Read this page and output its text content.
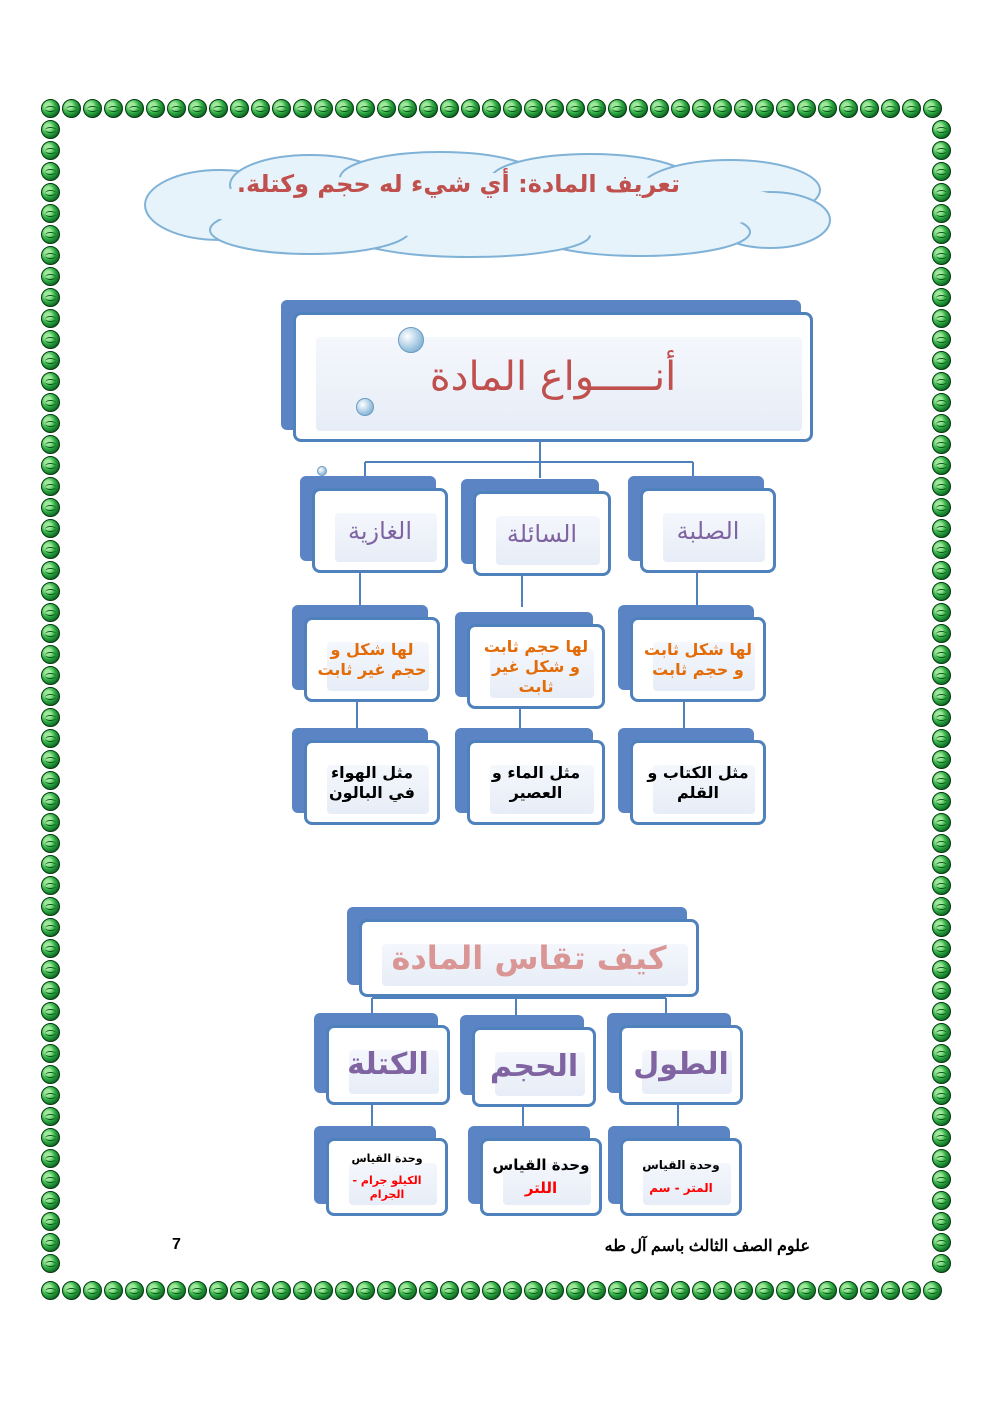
تعريف المادة: أي شيء له حجم وكتلة.
أنـــــواع المادة
الصلبة
السائلة
الغازية
لها شكل ثابت و حجم ثابت
لها حجم ثابت و شكل غير ثابت
لها شكل و حجم غير ثابت
مثل الكتاب و القلم
مثل الماء و العصير
مثل الهواء في البالون
كيف تقاس المادة
الطول
الحجم
الكتلة
وحدة القياس
المتر - سم
وحدة القياس
اللتر
وحدة القياس
الكيلو جرام - الجرام
علوم الصف الثالث باسم آل طه
7
